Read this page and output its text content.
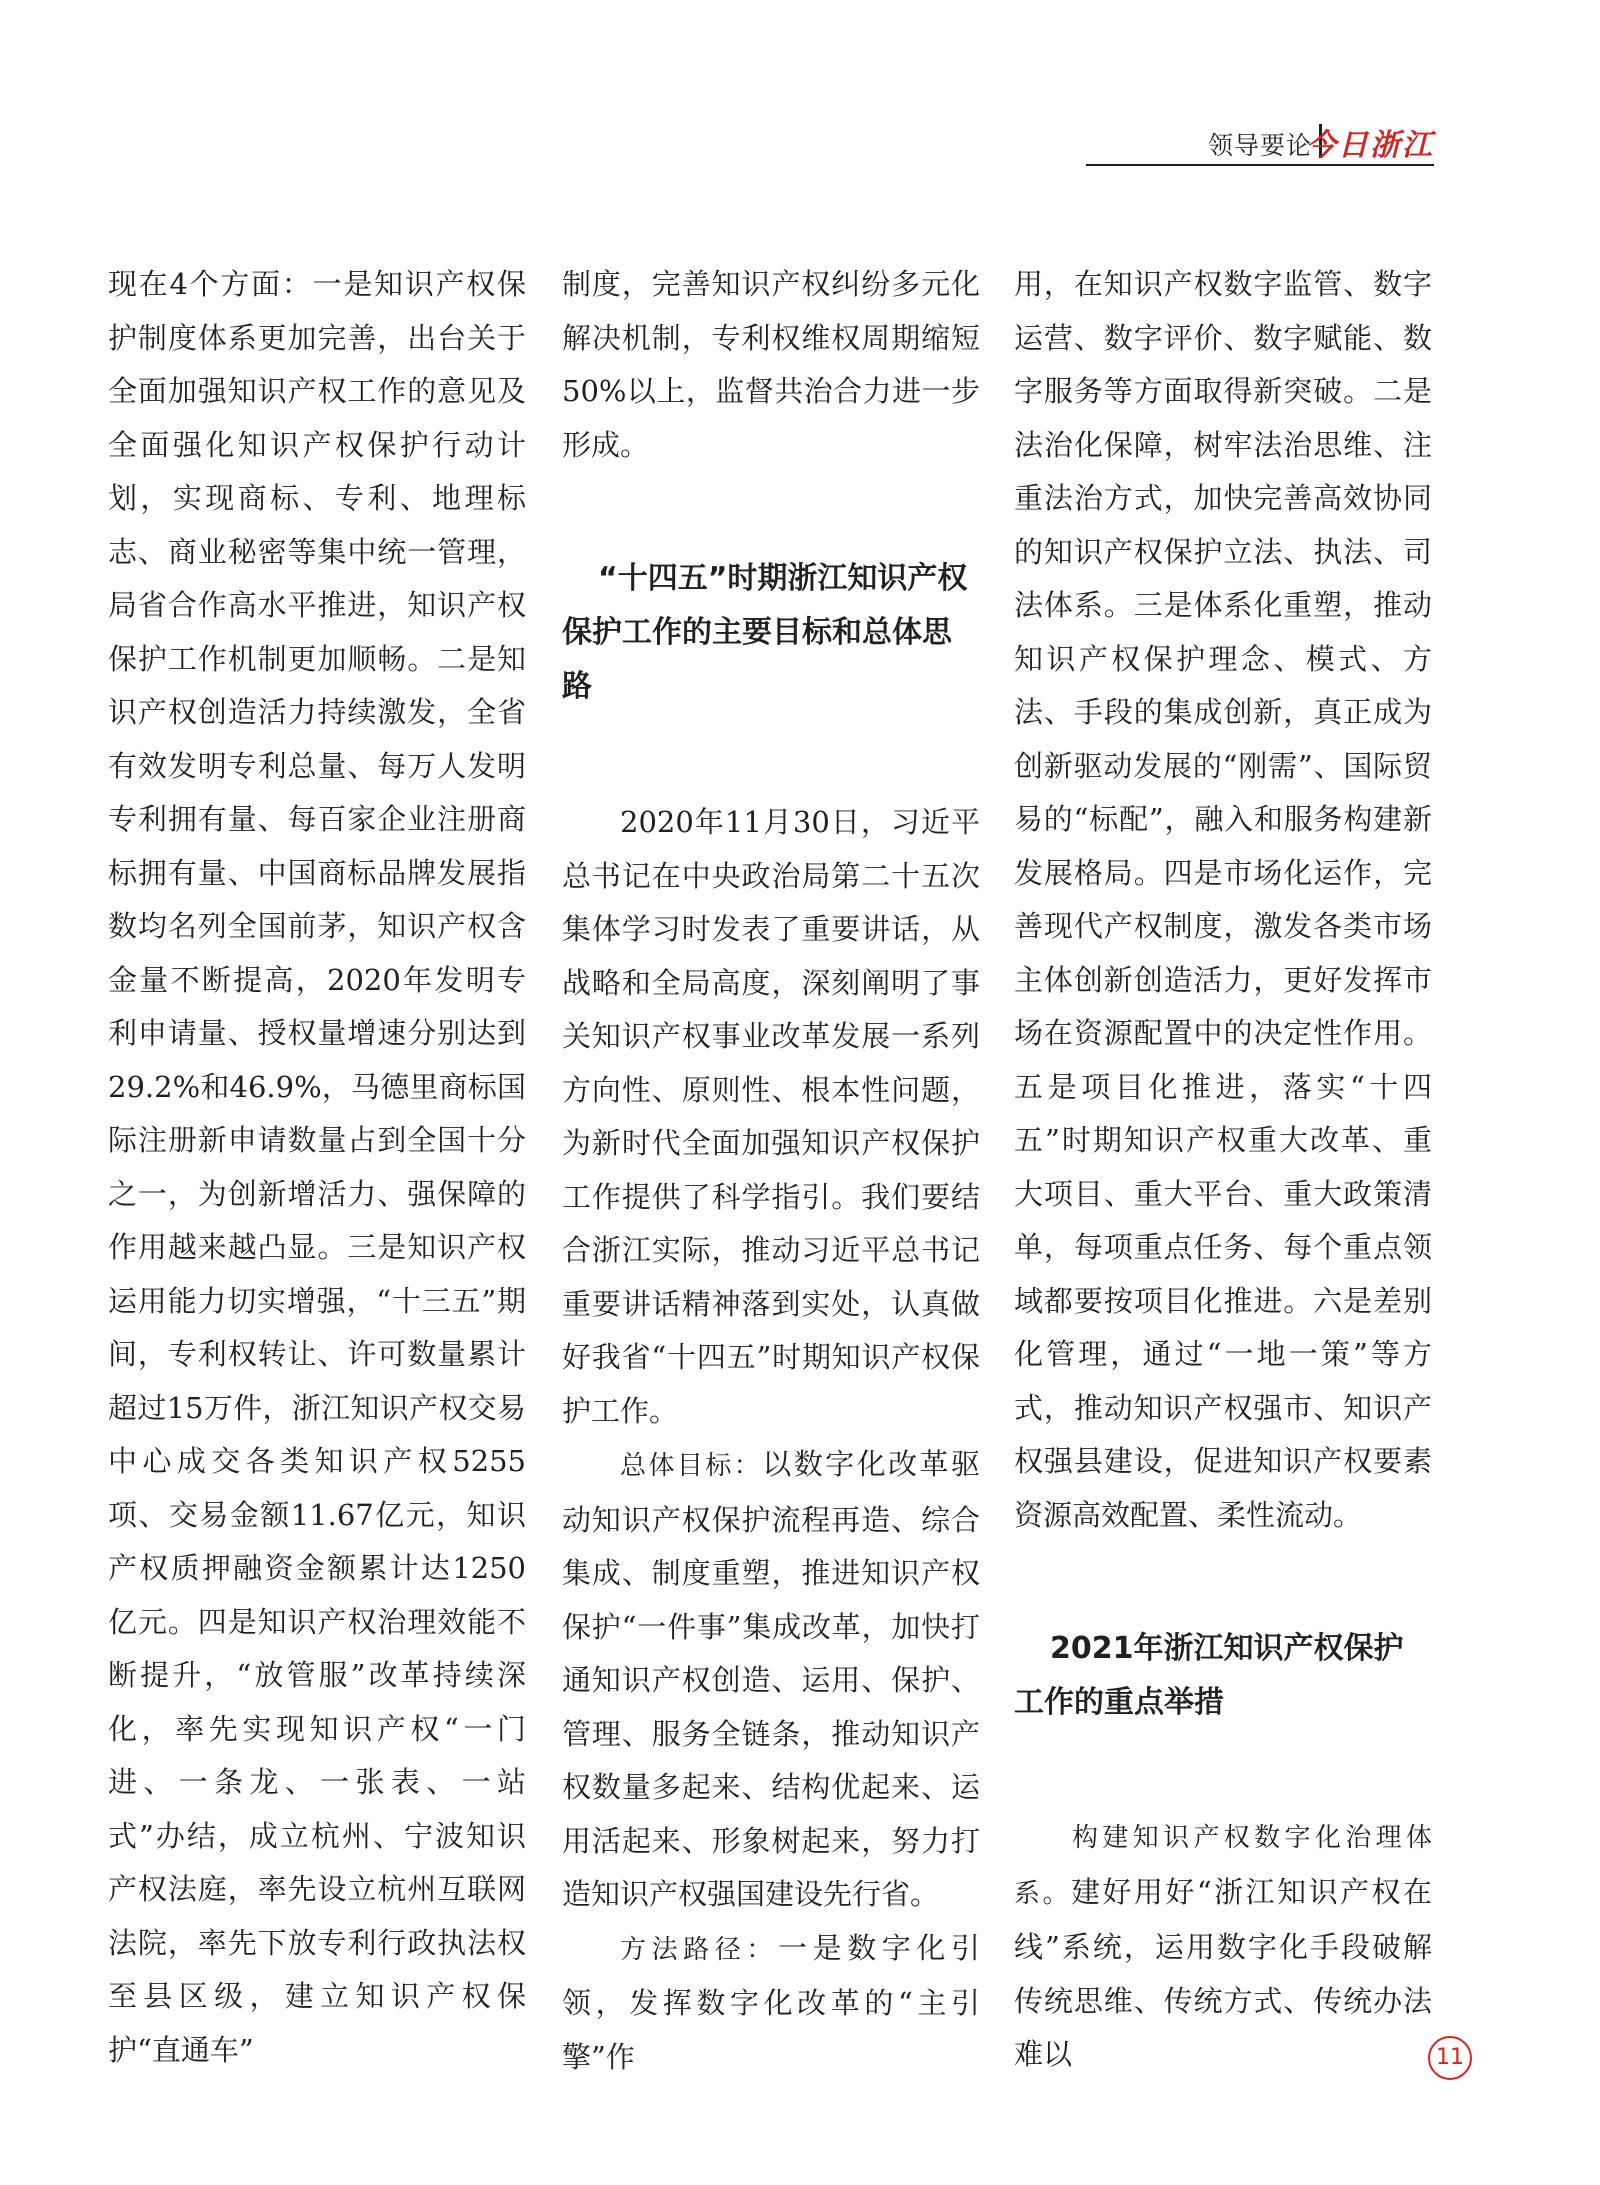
领导要论
今日浙江

现在4个方面：一是知识产权保护制度体系更加完善，出台关于全面加强知识产权工作的意见及全面强化知识产权保护行动计划，实现商标、专利、地理标志、商业秘密等集中统一管理，局省合作高水平推进，知识产权保护工作机制更加顺畅。二是知识产权创造活力持续激发，全省有效发明专利总量、每万人发明专利拥有量、每百家企业注册商标拥有量、中国商标品牌发展指数均名列全国前茅，知识产权含金量不断提高，2020年发明专利申请量、授权量增速分别达到29.2%和46.9%，马德里商标国际注册新申请数量占到全国十分之一，为创新增活力、强保障的作用越来越凸显。三是知识产权运用能力切实增强，“十三五”期间，专利权转让、许可数量累计超过15万件，浙江知识产权交易中心成交各类知识产权5255项、交易金额11.67亿元，知识产权质押融资金额累计达1250亿元。四是知识产权治理效能不断提升，“放管服”改革持续深化，率先实现知识产权“一门进、一条龙、一张表、一站式”办结，成立杭州、宁波知识产权法庭，率先设立杭州互联网法院，率先下放专利行政执法权至县区级，建立知识产权保护“直通车”

制度，完善知识产权纠纷多元化解决机制，专利权维权周期缩短50%以上，监督共治合力进一步形成。

“十四五”时期浙江知识产权保护工作的主要目标和总体思路

2020年11月30日，习近平总书记在中央政治局第二十五次集体学习时发表了重要讲话，从战略和全局高度，深刻阐明了事关知识产权事业改革发展一系列方向性、原则性、根本性问题，为新时代全面加强知识产权保护工作提供了科学指引。我们要结合浙江实际，推动习近平总书记重要讲话精神落到实处，认真做好我省“十四五”时期知识产权保护工作。

总体目标：以数字化改革驱动知识产权保护流程再造、综合集成、制度重塑，推进知识产权保护“一件事”集成改革，加快打通知识产权创造、运用、保护、管理、服务全链条，推动知识产权数量多起来、结构优起来、运用活起来、形象树起来，努力打造知识产权强国建设先行省。

方法路径：一是数字化引领，发挥数字化改革的“主引擎”作

用，在知识产权数字监管、数字运营、数字评价、数字赋能、数字服务等方面取得新突破。二是法治化保障，树牢法治思维、注重法治方式，加快完善高效协同的知识产权保护立法、执法、司法体系。三是体系化重塑，推动知识产权保护理念、模式、方法、手段的集成创新，真正成为创新驱动发展的“刚需”、国际贸易的“标配”，融入和服务构建新发展格局。四是市场化运作，完善现代产权制度，激发各类市场主体创新创造活力，更好发挥市场在资源配置中的决定性作用。五是项目化推进，落实“十四五”时期知识产权重大改革、重大项目、重大平台、重大政策清单，每项重点任务、每个重点领域都要按项目化推进。六是差别化管理，通过“一地一策”等方式，推动知识产权强市、知识产权强县建设，促进知识产权要素资源高效配置、柔性流动。

2021年浙江知识产权保护工作的重点举措

构建知识产权数字化治理体系。建好用好“浙江知识产权在线”系统，运用数字化手段破解传统思维、传统方式、传统办法难以	11
